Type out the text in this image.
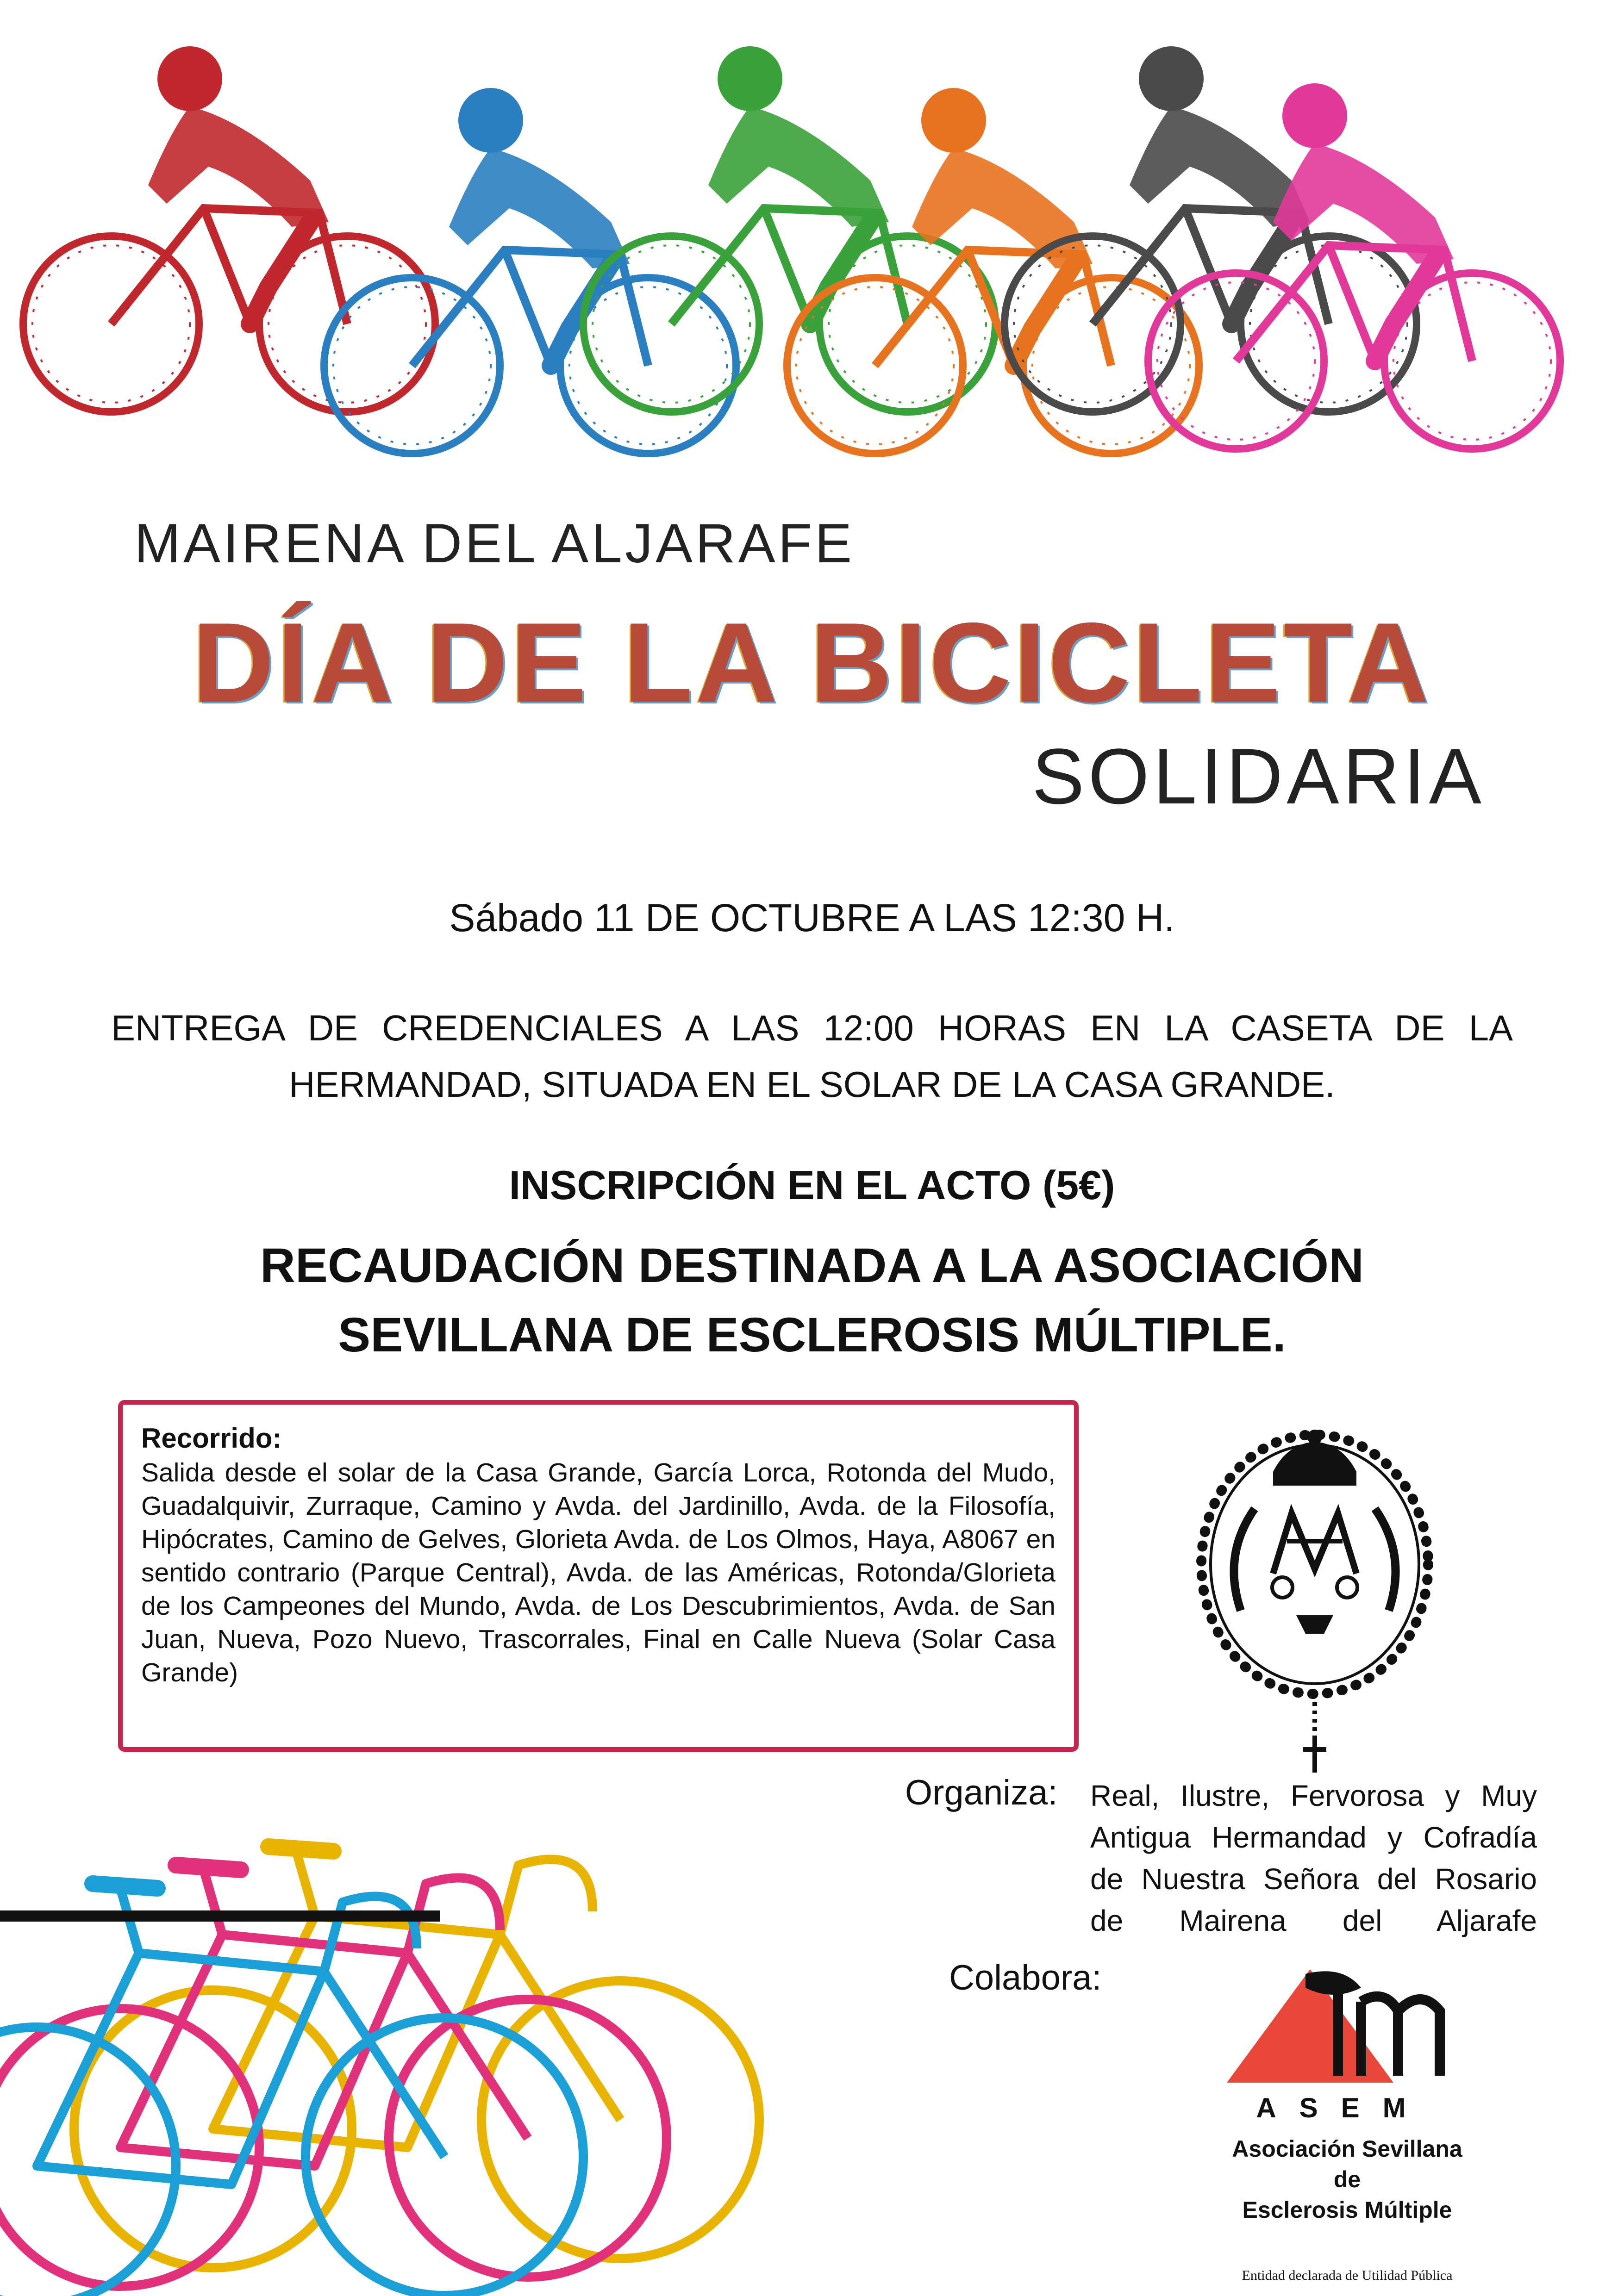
MAIRENA DEL ALJARAFE
DÍA DE LA BICICLETA
SOLIDARIA
Sábado 11 DE OCTUBRE A LAS 12:30 H.
ENTREGA DE CREDENCIALES A LAS 12:00 HORAS EN LA CASETA DE LA HERMANDAD, SITUADA EN EL SOLAR DE LA CASA GRANDE.
INSCRIPCIÓN EN EL ACTO (5€)
RECAUDACIÓN DESTINADA A LA ASOCIACIÓN
SEVILLANA DE ESCLEROSIS MÚLTIPLE.
Recorrido:
Salida desde el solar de la Casa Grande, García Lorca, Rotonda del Mudo, Guadalquivir, Zurraque, Camino y Avda. del Jardinillo, Avda. de la Filosofía, Hipócrates, Camino de Gelves, Glorieta Avda. de Los Olmos, Haya, A8067 en sentido contrario (Parque Central), Avda. de las Américas, Rotonda/Glorieta de los Campeones del Mundo, Avda. de Los Descubrimientos, Avda. de San Juan, Nueva, Pozo Nuevo, Trascorrales, Final en Calle Nueva (Solar Casa Grande)
Organiza: Real, Ilustre, Fervorosa y Muy Antigua Hermandad y Cofradía de Nuestra Señora del Rosario de Mairena del Aljarafe
Colabora:
ASEM
Asociación Sevillana
de
Esclerosis Múltiple
Entidad declarada de Utilidad Pública
